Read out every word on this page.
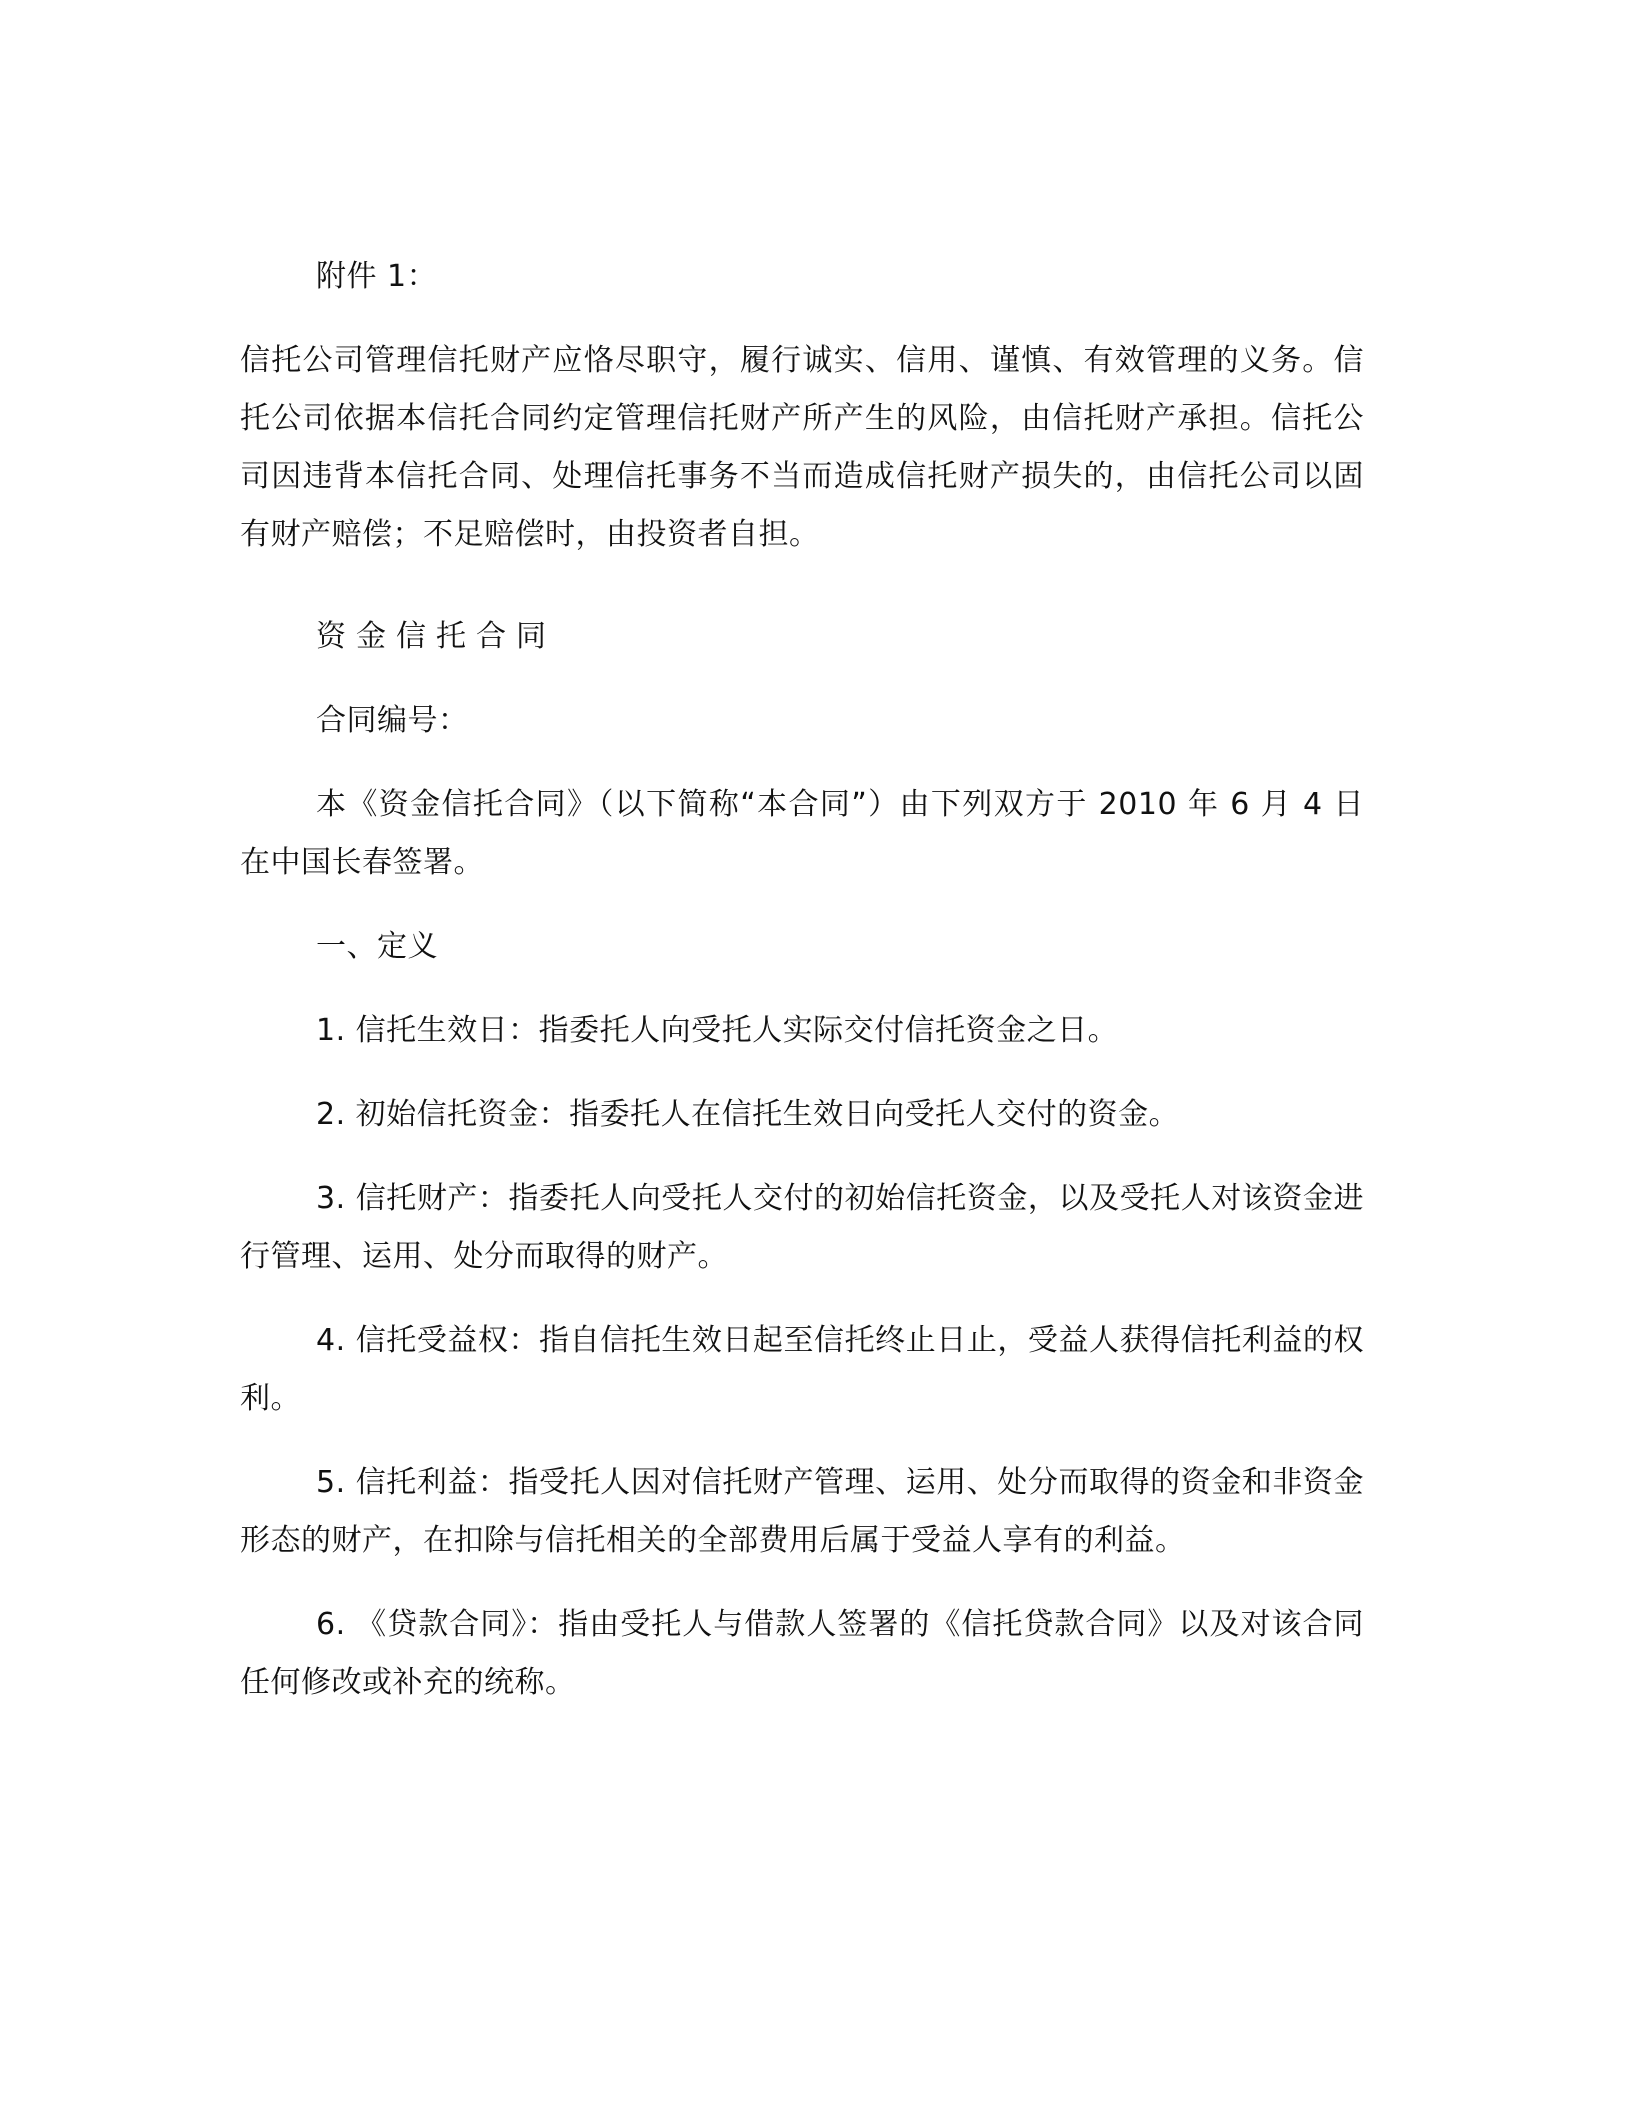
附件 1：

信托公司管理信托财产应恪尽职守，履行诚实、信用、谨慎、有效管理的义务。信托公司依据本信托合同约定管理信托财产所产生的风险，由信托财产承担。信托公司因违背本信托合同、处理信托事务不当而造成信托财产损失的，由信托公司以固有财产赔偿；不足赔偿时，由投资者自担。

资金信托合同

合同编号：

本《资金信托合同》（以下简称“本合同”）由下列双方于 2010 年 6 月 4 日在中国长春签署。

一、定义

1. 信托生效日：指委托人向受托人实际交付信托资金之日。

2. 初始信托资金：指委托人在信托生效日向受托人交付的资金。

3. 信托财产：指委托人向受托人交付的初始信托资金，以及受托人对该资金进行管理、运用、处分而取得的财产。

4. 信托受益权：指自信托生效日起至信托终止日止，受益人获得信托利益的权利。

5. 信托利益：指受托人因对信托财产管理、运用、处分而取得的资金和非资金形态的财产，在扣除与信托相关的全部费用后属于受益人享有的利益。

6. 《贷款合同》：指由受托人与借款人签署的《信托贷款合同》以及对该合同任何修改或补充的统称。
